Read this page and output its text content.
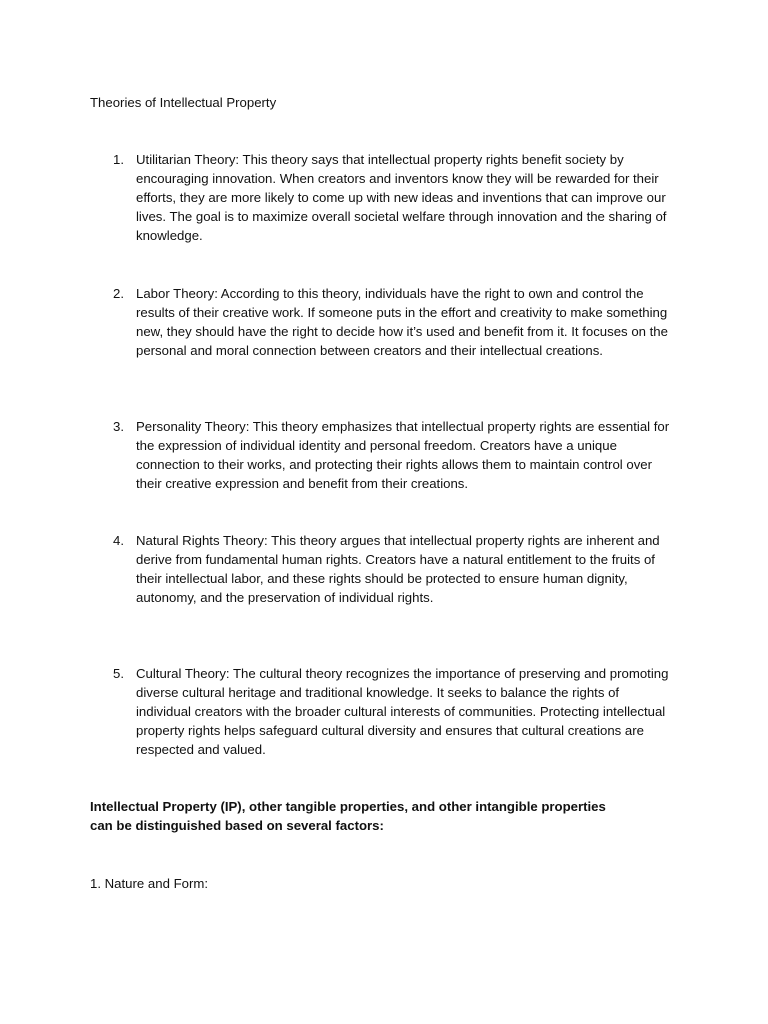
Theories of Intellectual Property

1. Utilitarian Theory: This theory says that intellectual property rights benefit society by encouraging innovation. When creators and inventors know they will be rewarded for their efforts, they are more likely to come up with new ideas and inventions that can improve our lives. The goal is to maximize overall societal welfare through innovation and the sharing of knowledge.
2. Labor Theory: According to this theory, individuals have the right to own and control the results of their creative work. If someone puts in the effort and creativity to make something new, they should have the right to decide how it’s used and benefit from it. It focuses on the personal and moral connection between creators and their intellectual creations.
3. Personality Theory: This theory emphasizes that intellectual property rights are essential for the expression of individual identity and personal freedom. Creators have a unique connection to their works, and protecting their rights allows them to maintain control over their creative expression and benefit from their creations.
4. Natural Rights Theory: This theory argues that intellectual property rights are inherent and derive from fundamental human rights. Creators have a natural entitlement to the fruits of their intellectual labor, and these rights should be protected to ensure human dignity, autonomy, and the preservation of individual rights.
5. Cultural Theory: The cultural theory recognizes the importance of preserving and promoting diverse cultural heritage and traditional knowledge. It seeks to balance the rights of individual creators with the broader cultural interests of communities. Protecting intellectual property rights helps safeguard cultural diversity and ensures that cultural creations are respected and valued.

Intellectual Property (IP), other tangible properties, and other intangible properties can be distinguished based on several factors:

1. Nature and Form:
